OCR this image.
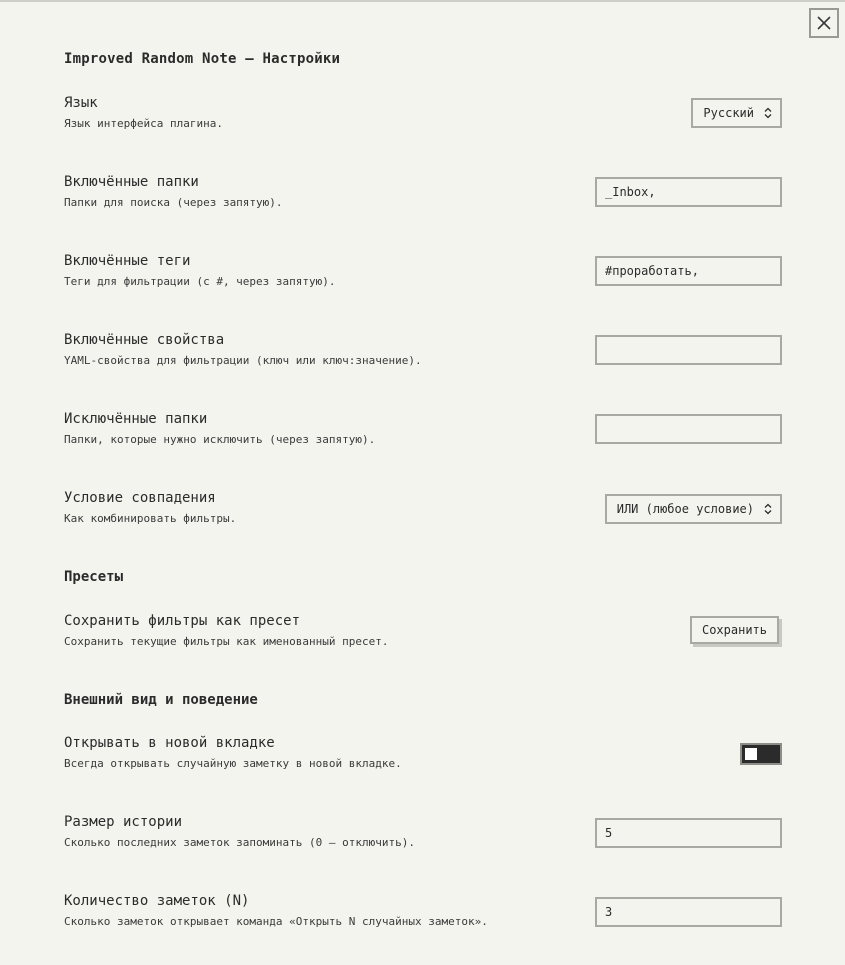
Improved Random Note — Настройки
Язык
Язык интерфейса плагина.
Русский
Включённые папки
Папки для поиска (через запятую).
_Inbox,
Включённые теги
Теги для фильтрации (с #, через запятую).
#проработать,
Включённые свойства
YAML-свойства для фильтрации (ключ или ключ:значение).
Исключённые папки
Папки, которые нужно исключить (через запятую).
Условие совпадения
Как комбинировать фильтры.
ИЛИ (любое условие)
Пресеты
Сохранить фильтры как пресет
Сохранить текущие фильтры как именованный пресет.
Сохранить
Внешний вид и поведение
Открывать в новой вкладке
Всегда открывать случайную заметку в новой вкладке.
Размер истории
Сколько последних заметок запоминать (0 — отключить).
5
Количество заметок (N)
Сколько заметок открывает команда «Открыть N случайных заметок».
3
